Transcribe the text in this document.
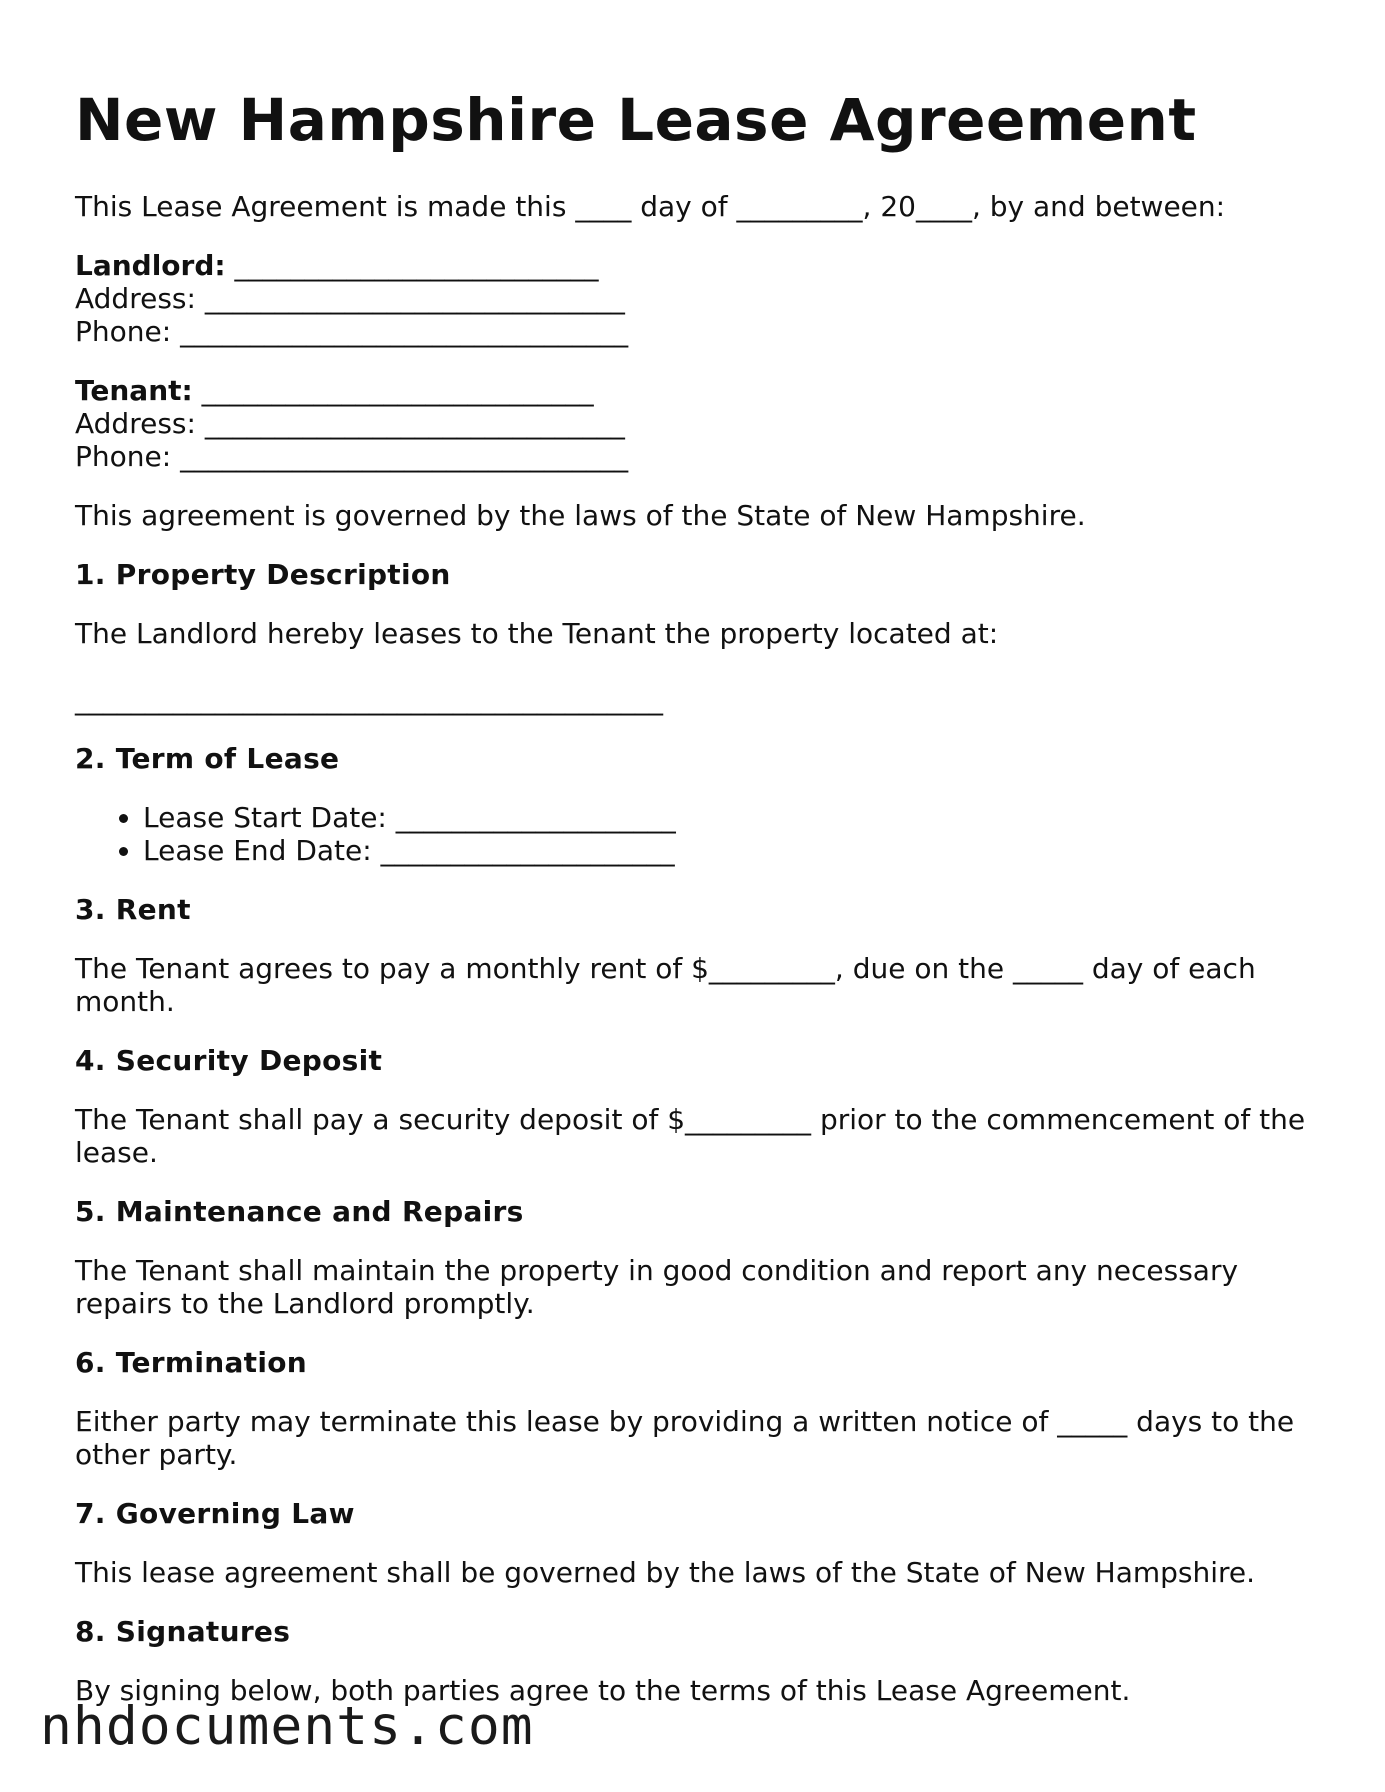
New Hampshire Lease Agreement

This Lease Agreement is made this ____ day of _________, 20____, by and between:

Landlord: __________________________
Address: ______________________________
Phone: ________________________________
Tenant: ____________________________
Address: ______________________________
Phone: ________________________________

This agreement is governed by the laws of the State of New Hampshire.

1. Property Description

The Landlord hereby leases to the Tenant the property located at:

__________________________________________

2. Term of Lease
• Lease Start Date: ____________________
• Lease End Date: _____________________
3. Rent

The Tenant agrees to pay a monthly rent of $_________, due on the _____ day of each month.

4. Security Deposit

The Tenant shall pay a security deposit of $_________ prior to the commencement of the lease.

5. Maintenance and Repairs

The Tenant shall maintain the property in good condition and report any necessary repairs to the Landlord promptly.

6. Termination

Either party may terminate this lease by providing a written notice of _____ days to the other party.

7. Governing Law

This lease agreement shall be governed by the laws of the State of New Hampshire.

8. Signatures

By signing below, both parties agree to the terms of this Lease Agreement.

nhdocuments.com
